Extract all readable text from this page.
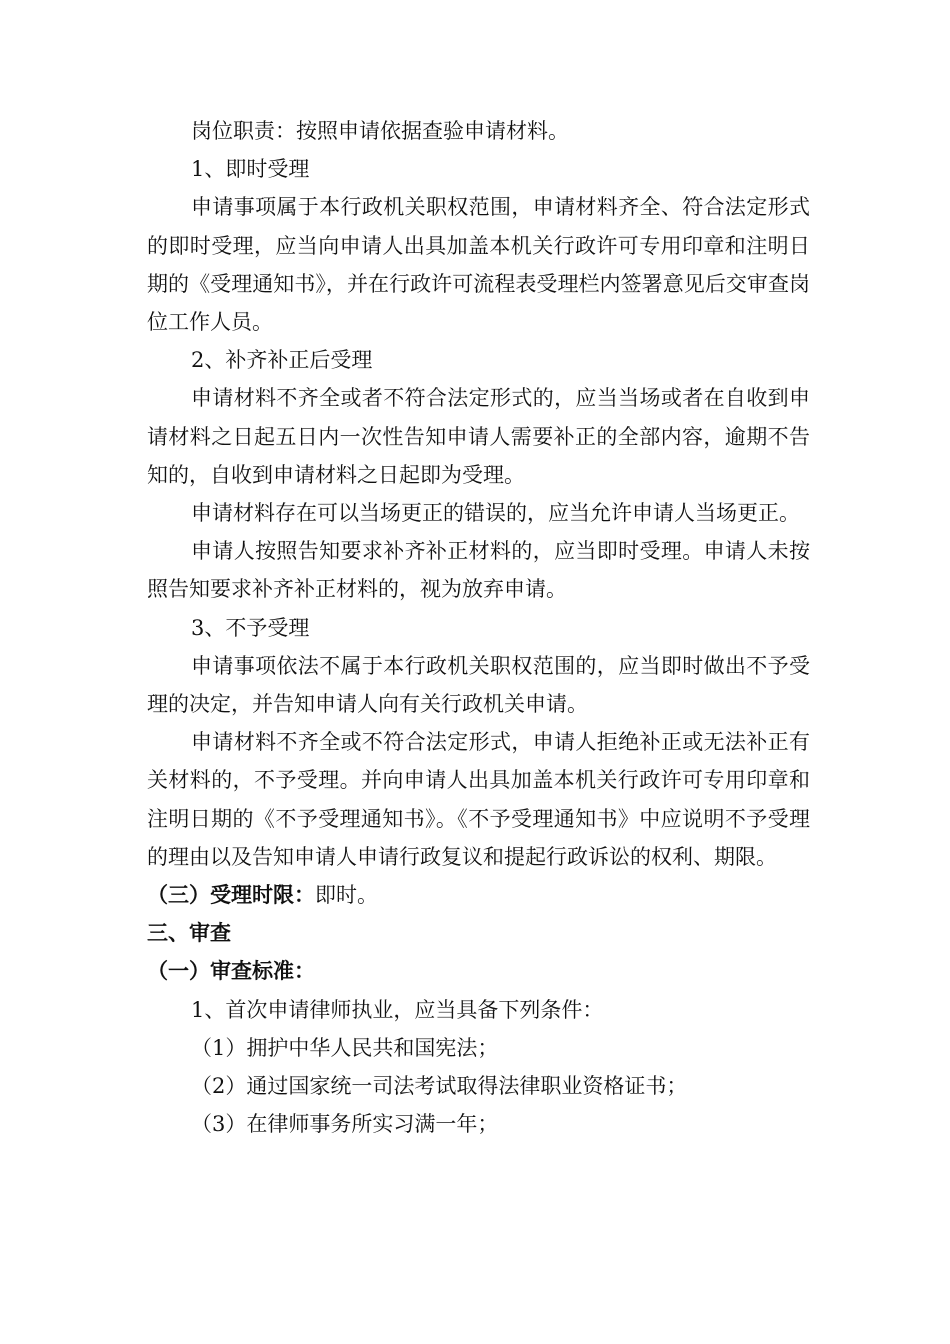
岗位职责：按照申请依据查验申请材料。
1、即时受理
申请事项属于本行政机关职权范围，申请材料齐全、符合法定形式的即时受理，应当向申请人出具加盖本机关行政许可专用印章和注明日期的《受理通知书》，并在行政许可流程表受理栏内签署意见后交审查岗位工作人员。
2、补齐补正后受理
申请材料不齐全或者不符合法定形式的，应当当场或者在自收到申请材料之日起五日内一次性告知申请人需要补正的全部内容，逾期不告知的，自收到申请材料之日起即为受理。
申请材料存在可以当场更正的错误的，应当允许申请人当场更正。
申请人按照告知要求补齐补正材料的，应当即时受理。申请人未按照告知要求补齐补正材料的，视为放弃申请。
3、不予受理
申请事项依法不属于本行政机关职权范围的，应当即时做出不予受理的决定，并告知申请人向有关行政机关申请。
申请材料不齐全或不符合法定形式，申请人拒绝补正或无法补正有关材料的，不予受理。并向申请人出具加盖本机关行政许可专用印章和注明日期的《不予受理通知书》。《不予受理通知书》中应说明不予受理的理由以及告知申请人申请行政复议和提起行政诉讼的权利、期限。
（三）受理时限：即时。
三、审查
（一）审查标准：
1、首次申请律师执业，应当具备下列条件：
（1）拥护中华人民共和国宪法；
（2）通过国家统一司法考试取得法律职业资格证书；
（3）在律师事务所实习满一年；
